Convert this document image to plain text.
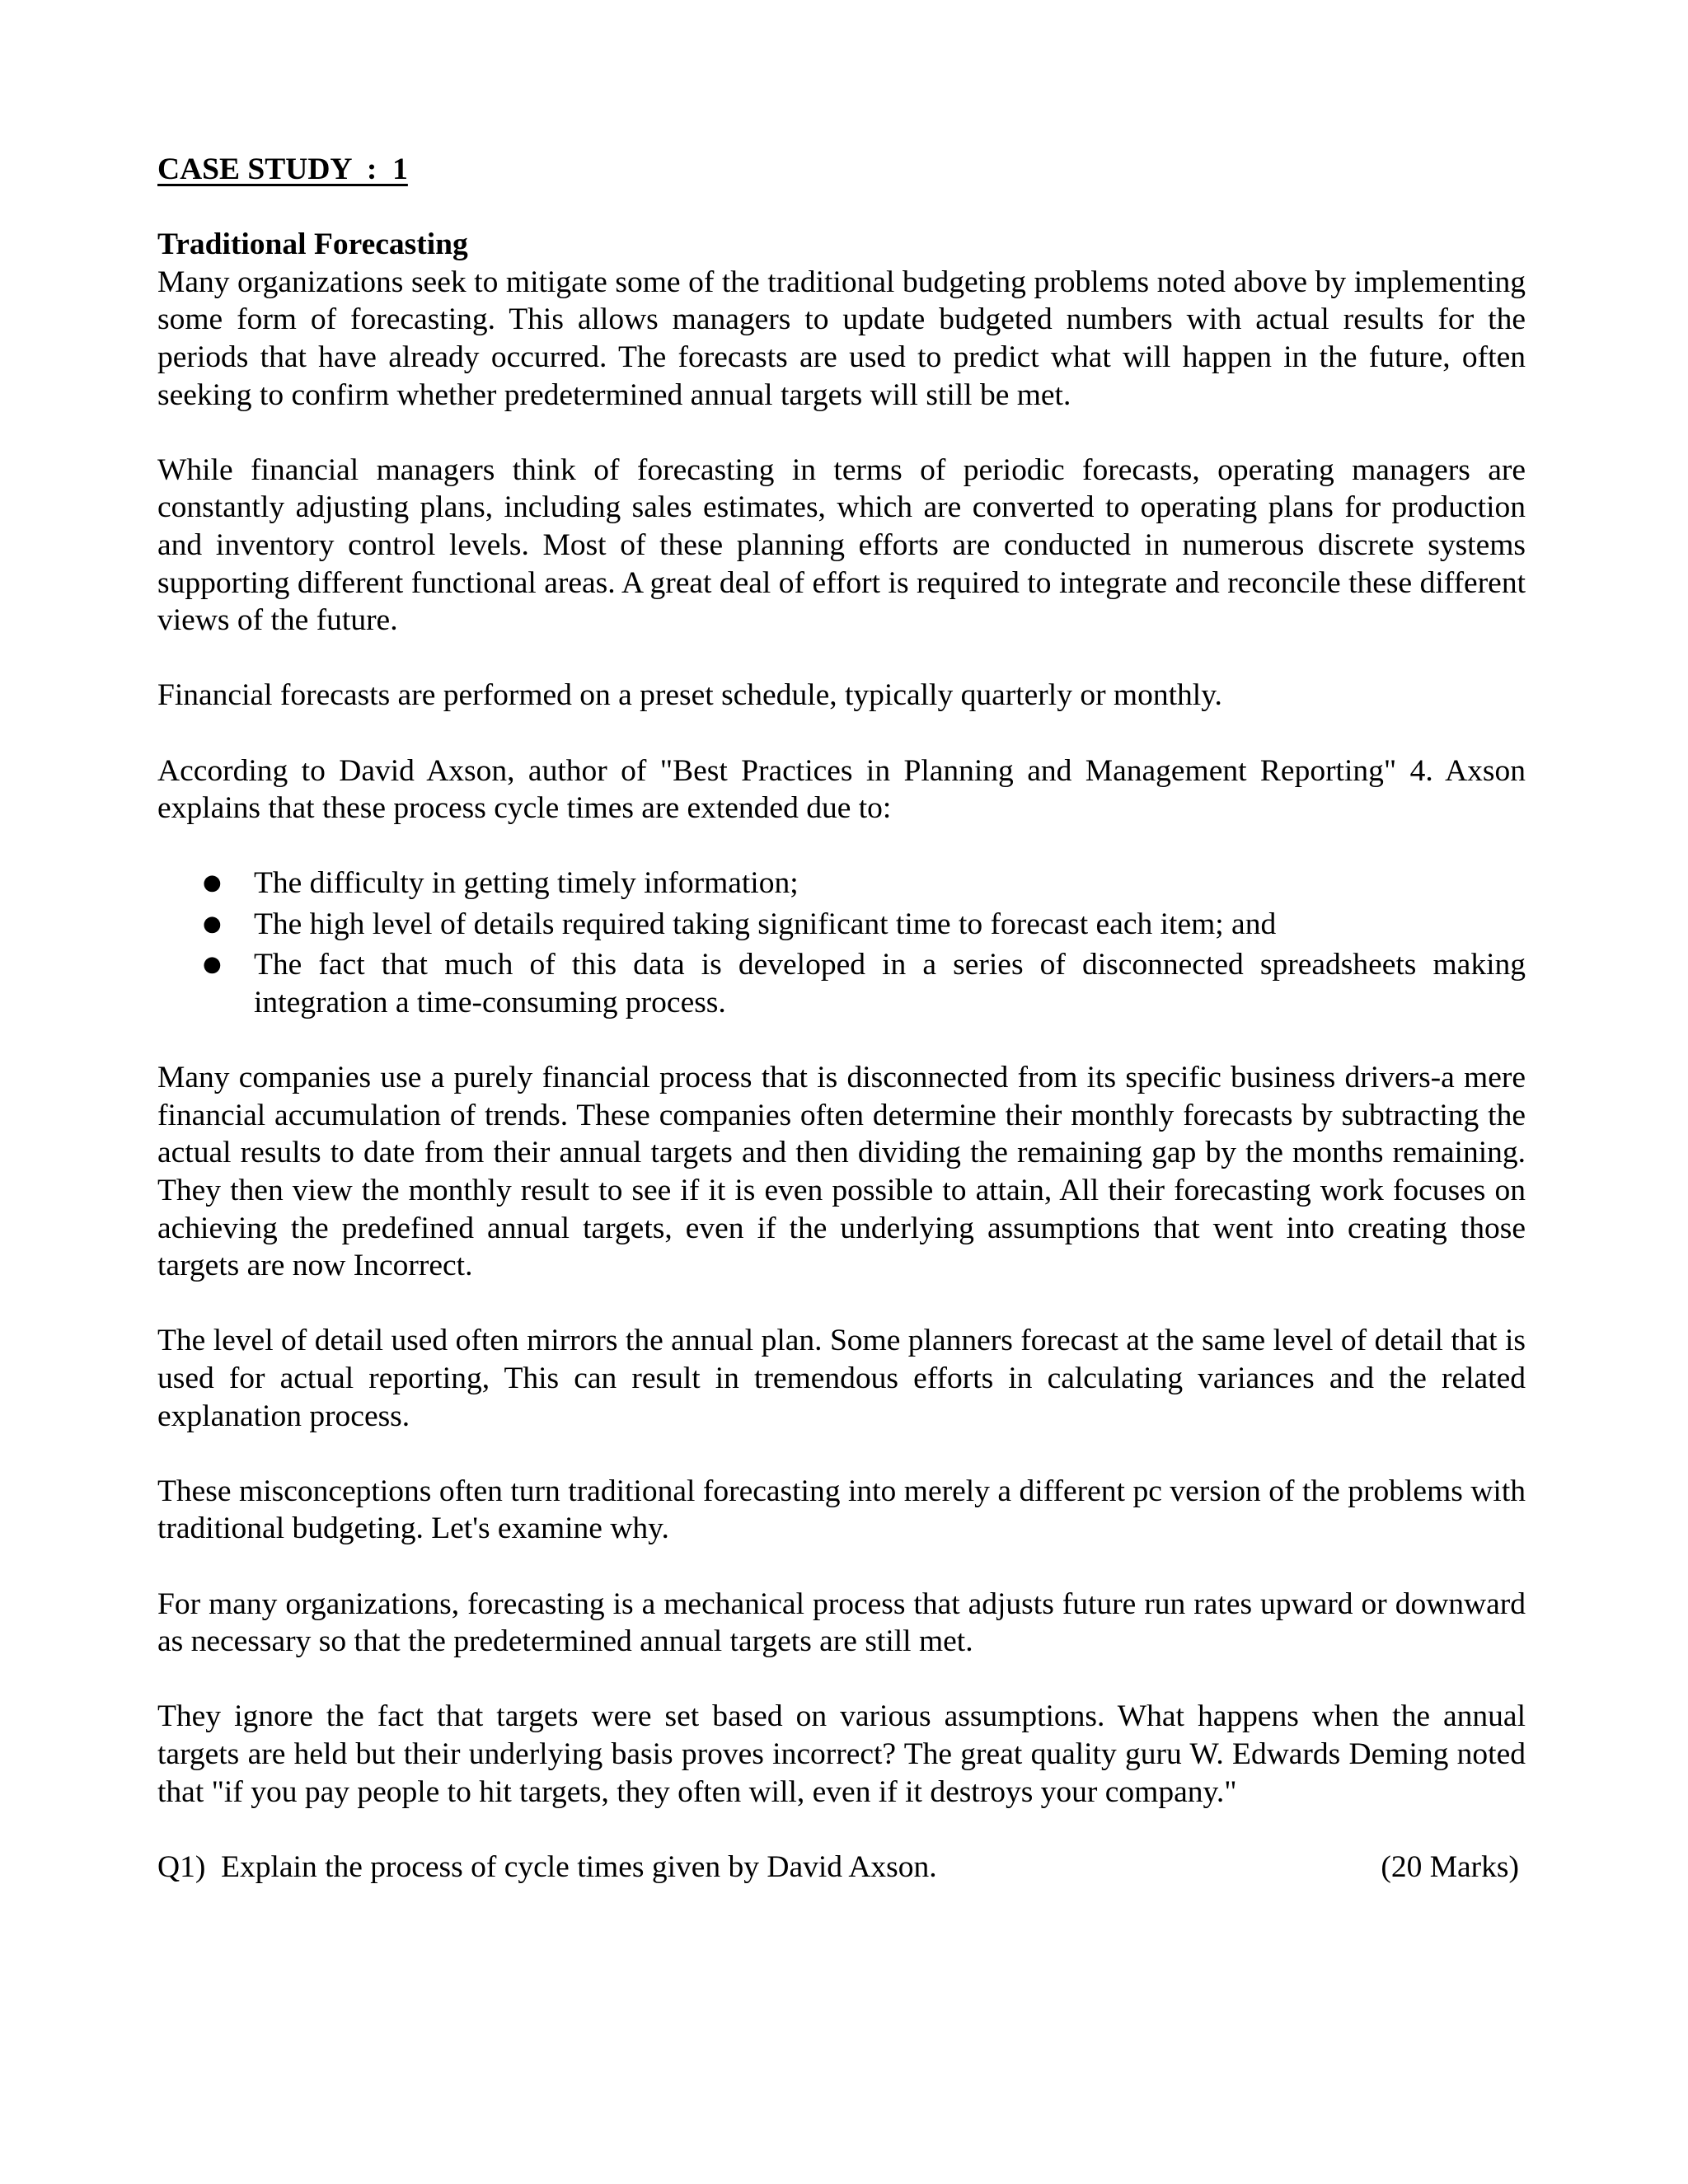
CASE STUDY  :  1
Traditional Forecasting

Many organizations seek to mitigate some of the traditional budgeting problems noted above by implementing some form of forecasting. This allows managers to update budgeted numbers with actual results for the periods that have already occurred. The forecasts are used to predict what will happen in the future, often seeking to confirm whether predetermined annual targets will still be met.

While financial managers think of forecasting in terms of periodic forecasts, operating managers are constantly adjusting plans, including sales estimates, which are converted to operating plans for production and inventory control levels. Most of these planning efforts are conducted in numerous discrete systems supporting different functional areas. A great deal of effort is required to integrate and reconcile these different views of the future.

Financial forecasts are performed on a preset schedule, typically quarterly or monthly.

According to David Axson, author of "Best Practices in Planning and Management Reporting" 4. Axson explains that these process cycle times are extended due to:

● The difficulty in getting timely information;
● The high level of details required taking significant time to forecast each item; and
● The fact that much of this data is developed in a series of disconnected spreadsheets making integration a time-consuming process.

Many companies use a purely financial process that is disconnected from its specific business drivers-a mere financial accumulation of trends. These companies often determine their monthly forecasts by subtracting the actual results to date from their annual targets and then dividing the remaining gap by the months remaining. They then view the monthly result to see if it is even possible to attain, All their forecasting work focuses on achieving the predefined annual targets, even if the underlying assumptions that went into creating those targets are now Incorrect.

The level of detail used often mirrors the annual plan. Some planners forecast at the same level of detail that is used for actual reporting, This can result in tremendous efforts in calculating variances and the related explanation process.

These misconceptions often turn traditional forecasting into merely a different pc version of the problems with traditional budgeting. Let's examine why.

For many organizations, forecasting is a mechanical process that adjusts future run rates upward or downward as necessary so that the predetermined annual targets are still met.

They ignore the fact that targets were set based on various assumptions. What happens when the annual targets are held but their underlying basis proves incorrect? The great quality guru W. Edwards Deming noted that "if you pay people to hit targets, they often will, even if it destroys your company."

Q1)  Explain the process of cycle times given by David Axson.	(20 Marks)
